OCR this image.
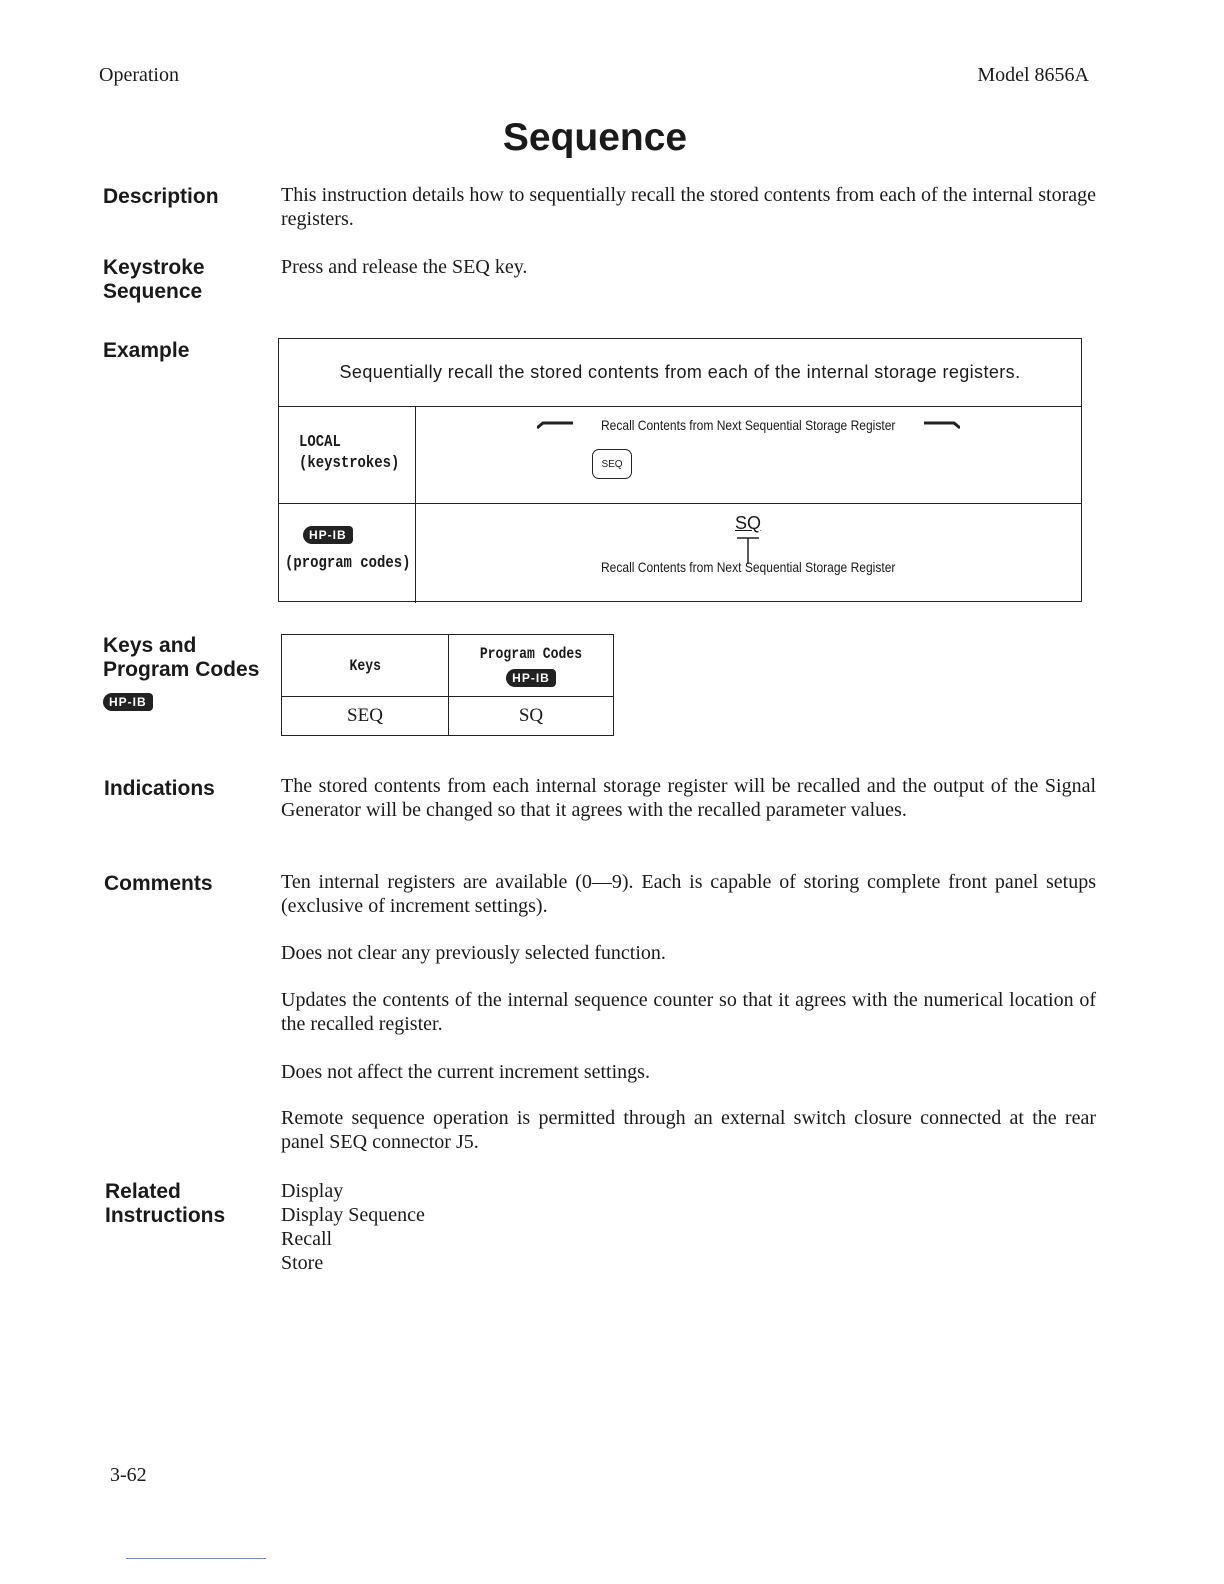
Operation	Model 8656A
Sequence
Description	This instruction details how to sequentially recall the stored contents from each of the internal storage registers.
Keystroke
Sequence
Press and release the SEQ key.
Example
Sequentially recall the stored contents from each of the internal storage registers.
LOCAL
(keystrokes)
Recall Contents from Next Sequential Storage Register
SEQ
HP-IB
(program codes)
SQ
Recall Contents from Next Sequential Storage Register
Keys and
Program Codes
HP-IB
Keys	Program Codes
HP-IB

SEQ	SQ
Indications	The stored contents from each internal storage register will be recalled and the output of the Signal Generator will be changed so that it agrees with the recalled parameter values.
Comments	Ten internal registers are available (0—9). Each is capable of storing complete front panel setups (exclusive of increment settings).
Does not clear any previously selected function.
Updates the contents of the internal sequence counter so that it agrees with the numerical location of the recalled register.
Does not affect the current increment settings.
Remote sequence operation is permitted through an external switch closure connected at the rear panel SEQ connector J5.
Related
Instructions
Display
Display Sequence
Recall
Store
3-62
